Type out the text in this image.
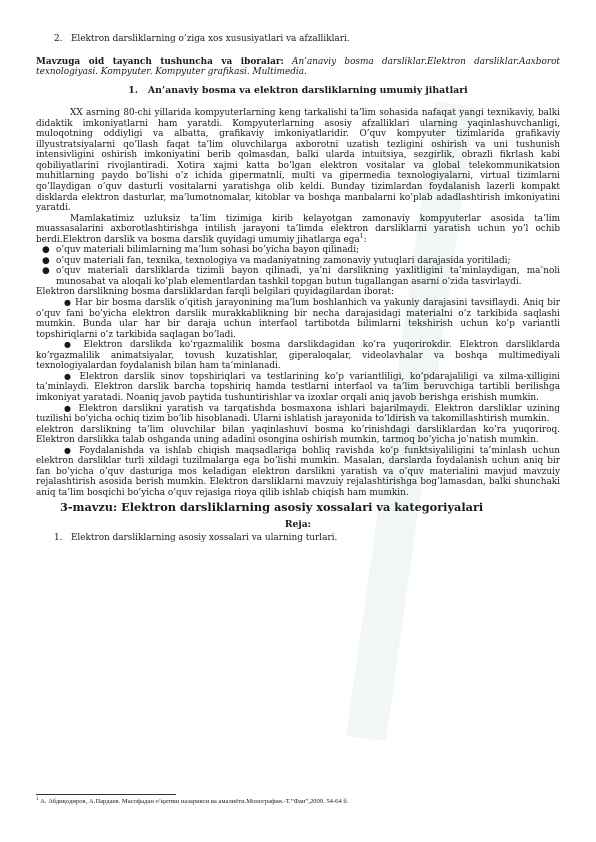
2. Elektron darsliklarning o’ziga xos xususiyatlari va afzalliklari.

Mavzuga oid tayanch tushuncha va iboralar: An’anaviy bosma darsliklar.Elektron darsliklar.Aaxborot texnologiyasi. Kompyuter. Kompyuter grafikasi. Multimedia.

1. An’anaviy bosma va elektron darsliklarning umumiy jihatlari

XX asrning 80-chi yillarida kompyuterlarning keng tarkalishi ta’lim sohasida nafaqat yangi texnikaviy, balki didaktik imkoniyatlarni ham yaratdi. Kompyuterlarning asosiy afzalliklari ularning yaqinlashuvchanligi, muloqotning oddiyligi va albatta, grafikaviy imkoniyatlaridir. O’quv kompyuter tizimlarida grafikaviy illyustratsiyalarni qo’llash faqat ta’lim oluvchilarga axborotni uzatish tezligini oshirish va uni tushunish intensivligini oshirish imkoniyatini berib qolmasdan, balki ularda intuitsiya, sezgirlik, obrazli fikrlash kabi qobiliyatlarini rivojlantiradi. Xotira xajmi katta bo’lgan elektron vositalar va global telekommunikatsion muhitlarning paydo bo’lishi o’z ichida gipermatnli, multi va gipermedia texnologiyalarni, virtual tizimlarni qo’llaydigan o’quv dasturli vositalarni yaratishga olib keldi. Bunday tizimlardan foydalanish lazerli kompakt disklarda elektron dasturlar, ma’lumotnomalar, kitoblar va boshqa manbalarni ko’plab adadlashtirish imkoniyatini yaratdi.

Mamlakatimiz uzluksiz ta’lim tizimiga kirib kelayotgan zamonaviy kompyuterlar asosida ta’lim muassasalarini axborotlashtirishga intilish jarayoni ta’limda elektron darsliklarni yaratish uchun yo’l ochib berdi.Elektron darslik va bosma darslik quyidagi umumiy jihatlarga ega$^1$:

● o’quv materiali bilimlarning ma’lum sohasi bo’yicha bayon qilinadi;

● o’quv materiali fan, texnika, texnologiya va madaniyatning zamonaviy yutuqlari darajasida yoritiladi;

● o’quv materiali darsliklarda tizimli bayon qilinadi, ya’ni darslikning yaxlitligini ta’minlaydigan, ma’noli munosabat va aloqali ko’plab elementlardan tashkil topgan butun tugallangan asarni o’zida tasvirlaydi.

Elektron darslikning bosma darsliklardan farqli belgilari quyidagilardan iborat:

● Har bir bosma darslik o’qitish jarayonining ma’lum boshlanhich va yakuniy darajasini tavsiflaydi. Aniq bir o’quv fani bo’yicha elektron darslik murakkablikning bir necha darajasidagi materialni o’z tarkibida saqlashi mumkin. Bunda ular har bir daraja uchun interfaol tartibotda bilimlarni tekshirish uchun ko’p variantli topshiriqlarni o’z tarkibida saqlagan bo’ladi.

● Elektron darslikda ko’rgazmalilik bosma darslikdagidan ko’ra yuqorirokdir. Elektron darsliklarda ko’rgazmalilik animatsiyalar, tovush kuzatishlar, giperaloqalar, videolavhalar va boshqa multimediyali texnologiyalardan foydalanish bilan ham ta’minlanadi.

● Elektron darslik sinov topshiriqlari va testlarining ko’p variantliligi, ko’pdarajaliligi va xilma-xilligini ta’minlaydi. Elektron darslik barcha topshiriq hamda testlarni interfaol va ta’lim beruvchiga tartibli berilishga imkoniyat yaratadi. Noaniq javob paytida tushuntirishlar va izoxlar orqali aniq javob berishga erishish mumkin.

● Elektron darslikni yaratish va tarqatishda bosmaxona ishlari bajarilmaydi. Elektron darsliklar uzining tuzilishi bo’yicha ochiq tizim bo’lib hisoblanadi. Ularni ishlatish jarayonida to’ldirish va takomillashtirish mumkin.

elektron darslikning ta’lim oluvchilar bilan yaqinlashuvi bosma ko’rinishdagi darsliklardan ko’ra yuqoriroq. Elektron darslikka talab oshganda uning adadini osongina oshirish mumkin, tarmoq bo’yicha jo’natish mumkin.

● Foydalanishda va ishlab chiqish maqsadlariga bohliq ravishda ko’p funktsiyaliligini ta’minlash uchun elektron darsliklar turli xildagi tuzilmalarga ega bo’lishi mumkin. Masalan, darslarda foydalanish uchun aniq bir fan bo’yicha o’quv dasturiga mos keladigan elektron darslikni yaratish va o’quv materialini mavjud mavzuiy rejalashtirish asosida berish mumkin. Elektron darsliklarni mavzuiy rejalashtirishga bog’lamasdan, balki shunchaki aniq ta’lim bosqichi bo’yicha o’quv rejasiga rioya qilib ishlab chiqish ham mumkin.

3-mavzu: Elektron darsliklarning asosiy xossalari va kategoriyalari

Reja:

1. Elektron darsliklarning asosiy xossalari va ularning turlari.

$^1$ А. Абдиқодиров, А.Пардаев. Масофадан о’қитиш назарияси ва амалиёти.Монография.-Т.”Фан”,2009. 54-64 б.
